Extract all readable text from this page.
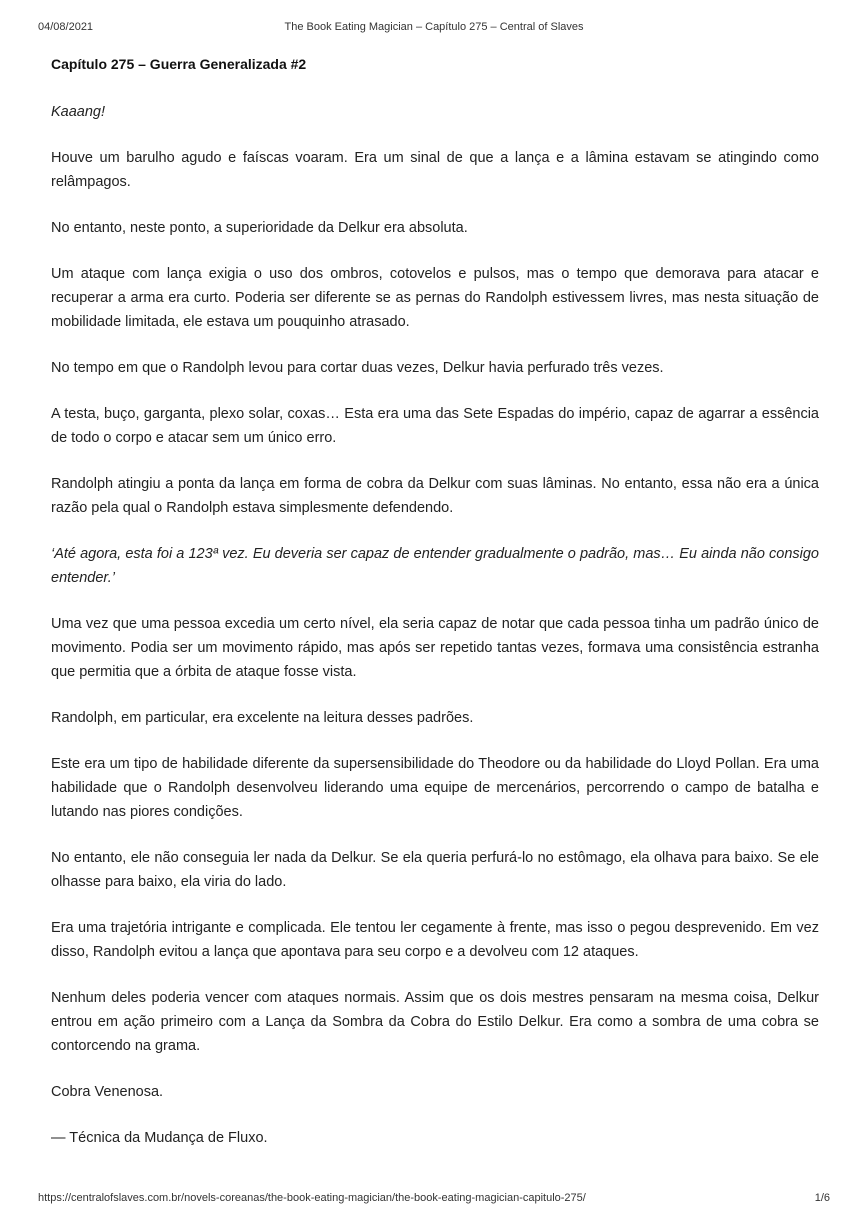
04/08/2021	The Book Eating Magician – Capítulo 275 – Central of Slaves
Capítulo 275 – Guerra Generalizada #2

Kaaang!

Houve um barulho agudo e faíscas voaram. Era um sinal de que a lança e a lâmina estavam se atingindo como relâmpagos.

No entanto, neste ponto, a superioridade da Delkur era absoluta.

Um ataque com lança exigia o uso dos ombros, cotovelos e pulsos, mas o tempo que demorava para atacar e recuperar a arma era curto. Poderia ser diferente se as pernas do Randolph estivessem livres, mas nesta situação de mobilidade limitada, ele estava um pouquinho atrasado.

No tempo em que o Randolph levou para cortar duas vezes, Delkur havia perfurado três vezes.

A testa, buço, garganta, plexo solar, coxas… Esta era uma das Sete Espadas do império, capaz de agarrar a essência de todo o corpo e atacar sem um único erro.

Randolph atingiu a ponta da lança em forma de cobra da Delkur com suas lâminas. No entanto, essa não era a única razão pela qual o Randolph estava simplesmente defendendo.

‘Até agora, esta foi a 123ª vez. Eu deveria ser capaz de entender gradualmente o padrão, mas… Eu ainda não consigo entender.’

Uma vez que uma pessoa excedia um certo nível, ela seria capaz de notar que cada pessoa tinha um padrão único de movimento. Podia ser um movimento rápido, mas após ser repetido tantas vezes, formava uma consistência estranha que permitia que a órbita de ataque fosse vista.

Randolph, em particular, era excelente na leitura desses padrões.

Este era um tipo de habilidade diferente da supersensibilidade do Theodore ou da habilidade do Lloyd Pollan. Era uma habilidade que o Randolph desenvolveu liderando uma equipe de mercenários, percorrendo o campo de batalha e lutando nas piores condições.

No entanto, ele não conseguia ler nada da Delkur. Se ela queria perfurá-lo no estômago, ela olhava para baixo. Se ele olhasse para baixo, ela viria do lado.

Era uma trajetória intrigante e complicada. Ele tentou ler cegamente à frente, mas isso o pegou desprevenido. Em vez disso, Randolph evitou a lança que apontava para seu corpo e a devolveu com 12 ataques.

Nenhum deles poderia vencer com ataques normais. Assim que os dois mestres pensaram na mesma coisa, Delkur entrou em ação primeiro com a Lança da Sombra da Cobra do Estilo Delkur. Era como a sombra de uma cobra se contorcendo na grama.

Cobra Venenosa.

— Técnica da Mudança de Fluxo.

https://centralofslaves.com.br/novels-coreanas/the-book-eating-magician/the-book-eating-magician-capitulo-275/	1/6
